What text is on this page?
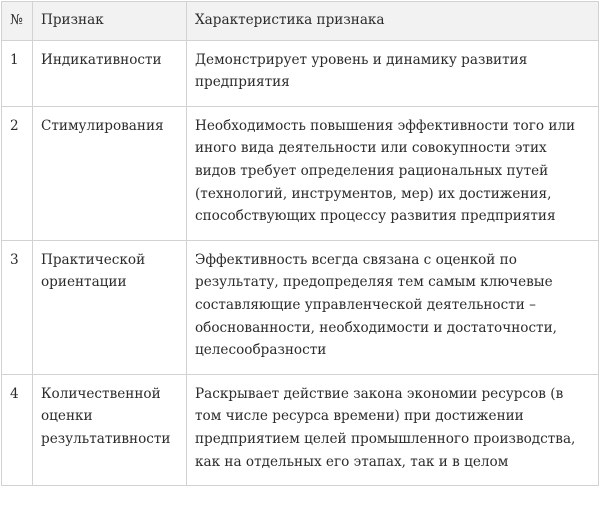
№	Признак	Характеристика признака
1	Индикативности	Демонстрирует уровень и динамику развития предприятия
2	Стимулирования	Необходимость повышения эффективности того или иного вида деятельности или совокупности этих видов требует определения рациональных путей (технологий, инструментов, мер) их достижения, способствующих процессу развития предприятия
3	Практической ориентации	Эффективность всегда связана с оценкой по результату, предопределяя тем самым ключевые составляющие управленческой деятельности – обоснованности, необходимости и достаточности, целесообразности
4	Количественной оценки результативности	Раскрывает действие закона экономии ресурсов (в том числе ресурса времени) при достижении предприятием целей промышленного производства, как на отдельных его этапах, так и в целом
